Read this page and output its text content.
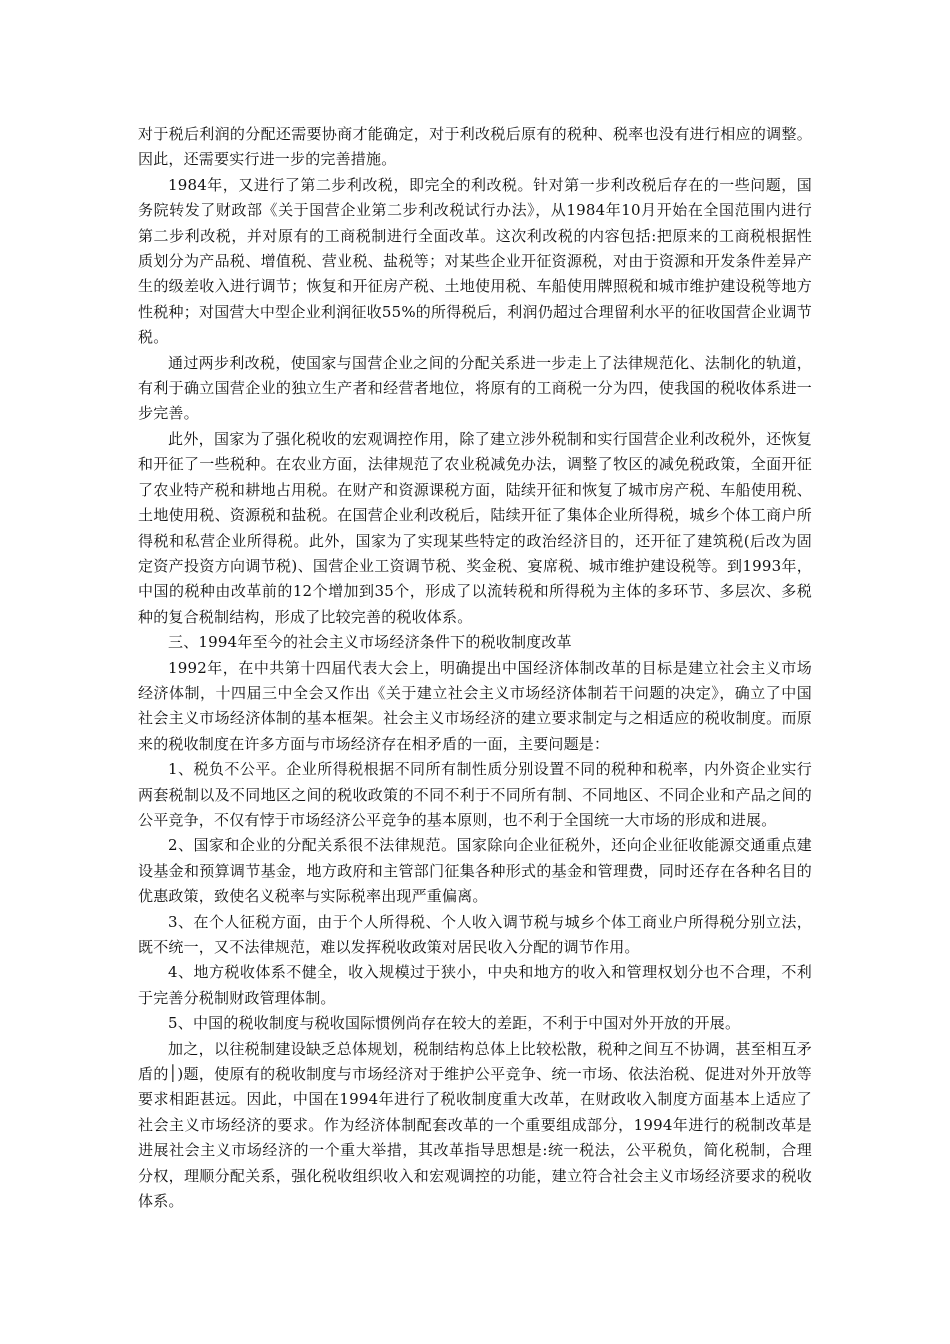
对于税后利润的分配还需要协商才能确定，对于利改税后原有的税种、税率也没有进行相应的调整。因此，还需要实行进一步的完善措施。

1984年，又进行了第二步利改税，即完全的利改税。针对第一步利改税后存在的一些问题，国务院转发了财政部《关于国营企业第二步利改税试行办法》，从1984年10月开始在全国范围内进行第二步利改税，并对原有的工商税制进行全面改革。这次利改税的内容包括:把原来的工商税根据性质划分为产品税、增值税、营业税、盐税等；对某些企业开征资源税，对由于资源和开发条件差异产生的级差收入进行调节；恢复和开征房产税、土地使用税、车船使用牌照税和城市维护建设税等地方性税种；对国营大中型企业利润征收55%的所得税后，利润仍超过合理留利水平的征收国营企业调节税。

通过两步利改税，使国家与国营企业之间的分配关系进一步走上了法律规范化、法制化的轨道，有利于确立国营企业的独立生产者和经营者地位，将原有的工商税一分为四，使我国的税收体系进一步完善。

此外，国家为了强化税收的宏观调控作用，除了建立涉外税制和实行国营企业利改税外，还恢复和开征了一些税种。在农业方面，法律规范了农业税减免办法，调整了牧区的减免税政策，全面开征了农业特产税和耕地占用税。在财产和资源课税方面，陆续开征和恢复了城市房产税、车船使用税、土地使用税、资源税和盐税。在国营企业利改税后，陆续开征了集体企业所得税，城乡个体工商户所得税和私营企业所得税。此外，国家为了实现某些特定的政治经济目的，还开征了建筑税(后改为固定资产投资方向调节税)、国营企业工资调节税、奖金税、宴席税、城市维护建设税等。到1993年，中国的税种由改革前的12个增加到35个，形成了以流转税和所得税为主体的多环节、多层次、多税种的复合税制结构，形成了比较完善的税收体系。

三、1994年至今的社会主义市场经济条件下的税收制度改革

1992年，在中共第十四届代表大会上，明确提出中国经济体制改革的目标是建立社会主义市场经济体制，十四届三中全会又作出《关于建立社会主义市场经济体制若干问题的决定》，确立了中国社会主义市场经济体制的基本框架。社会主义市场经济的建立要求制定与之相适应的税收制度。而原来的税收制度在许多方面与市场经济存在相矛盾的一面，主要问题是：

1、税负不公平。企业所得税根据不同所有制性质分别设置不同的税种和税率，内外资企业实行两套税制以及不同地区之间的税收政策的不同不利于不同所有制、不同地区、不同企业和产品之间的公平竞争，不仅有悖于市场经济公平竞争的基本原则，也不利于全国统一大市场的形成和进展。

2、国家和企业的分配关系很不法律规范。国家除向企业征税外，还向企业征收能源交通重点建设基金和预算调节基金，地方政府和主管部门征集各种形式的基金和管理费，同时还存在各种名目的优惠政策，致使名义税率与实际税率出现严重偏离。

3、在个人征税方面，由于个人所得税、个人收入调节税与城乡个体工商业户所得税分别立法，既不统一，又不法律规范，难以发挥税收政策对居民收入分配的调节作用。

4、地方税收体系不健全，收入规模过于狭小，中央和地方的收入和管理权划分也不合理，不利于完善分税制财政管理体制。

5、中国的税收制度与税收国际惯例尚存在较大的差距，不利于中国对外开放的开展。

加之，以往税制建设缺乏总体规划，税制结构总体上比较松散，税种之间互不协调，甚至相互矛盾的׀)题，使原有的税收制度与市场经济对于维护公平竞争、统一市场、依法治税、促进对外开放等要求相距甚远。因此，中国在1994年进行了税收制度重大改革，在财政收入制度方面基本上适应了社会主义市场经济的要求。作为经济体制配套改革的一个重要组成部分，1994年进行的税制改革是进展社会主义市场经济的一个重大举措，其改革指导思想是:统一税法，公平税负，简化税制，合理分权，理顺分配关系，强化税收组织收入和宏观调控的功能，建立符合社会主义市场经济要求的税收体系。
